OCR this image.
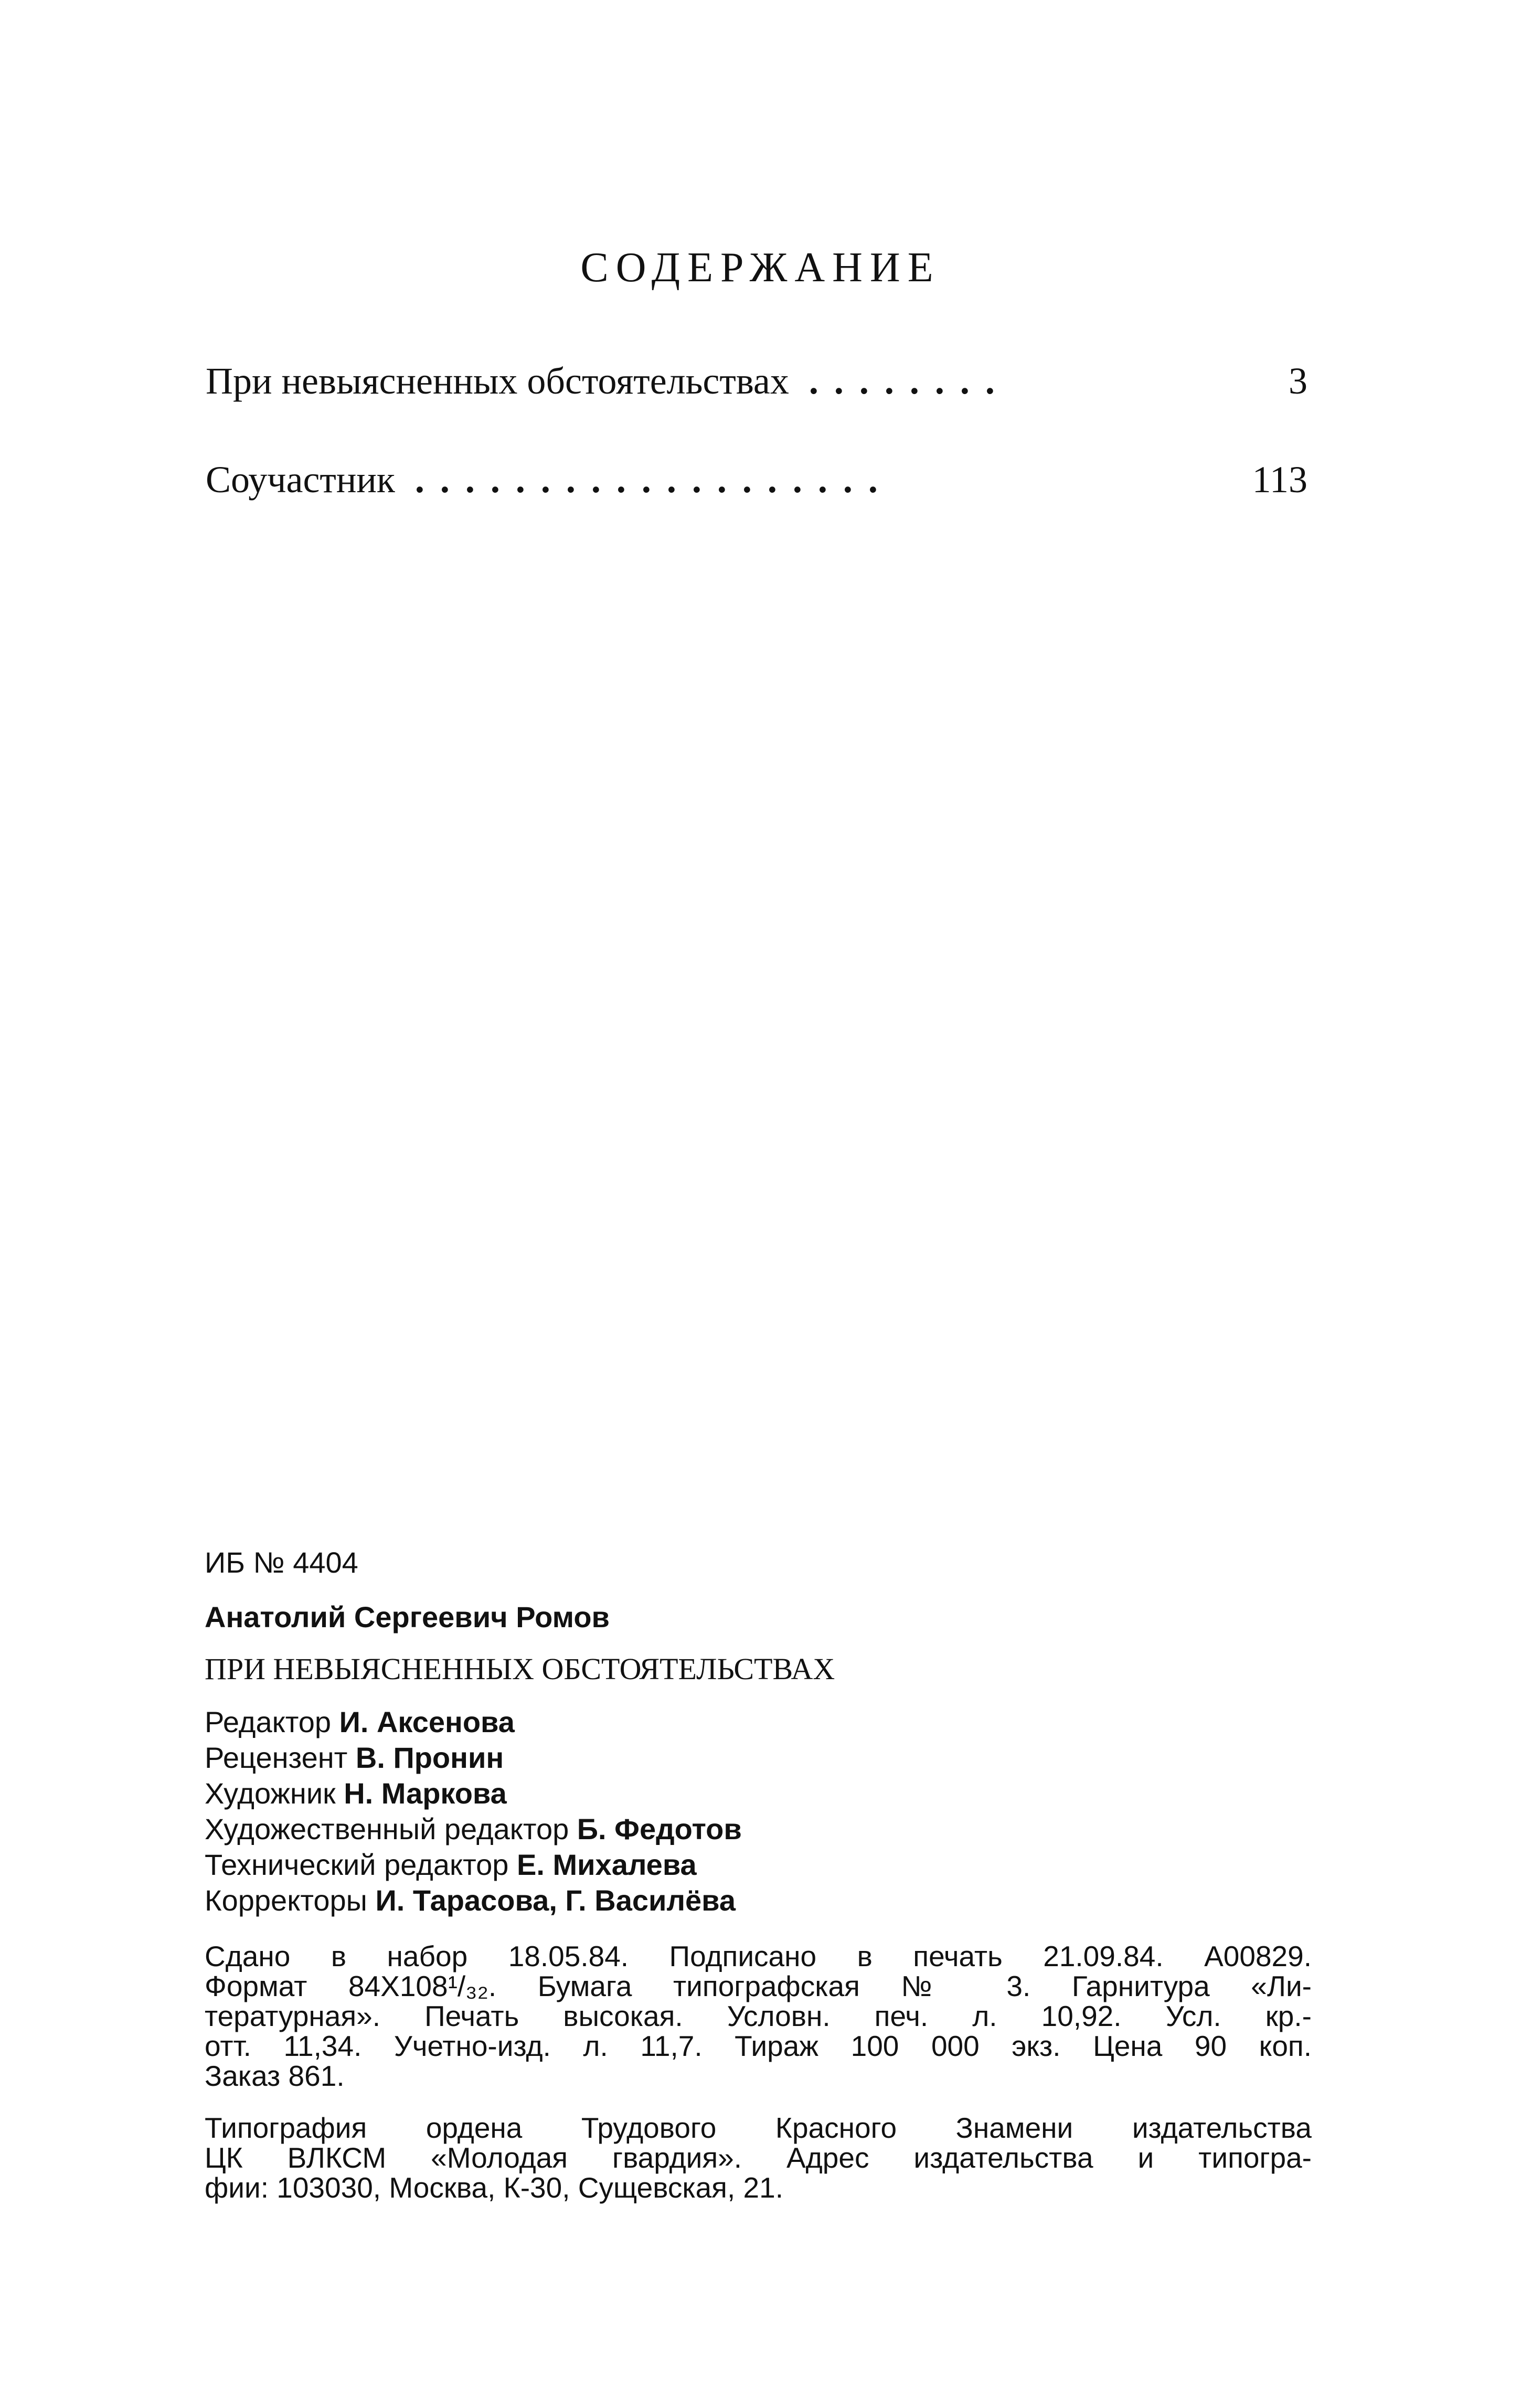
СОДЕРЖАНИЕ
При невыясненных обстоятельствах ........	3
Соучастник ...................	113
ИБ № 4404
Анатолий Сергеевич Ромов
ПРИ НЕВЫЯСНЕННЫХ ОБСТОЯТЕЛЬСТВАХ
Редактор И. Аксенова
Рецензент В. Пронин
Художник Н. Маркова
Художественный редактор Б. Федотов
Технический редактор Е. Михалева
Корректоры И. Тарасова, Г. Василёва
Сдано в набор 18.05.84. Подписано в печать 21.09.84. А00829.
Формат 84Х108¹/₃₂. Бумага типографская № 3. Гарнитура «Ли-
тературная». Печать высокая. Условн. печ. л. 10,92. Усл. кр.-
отт. 11,34. Учетно-изд. л. 11,7. Тираж 100 000 экз. Цена 90 коп.
Заказ 861.
Типография ордена Трудового Красного Знамени издательства
ЦК ВЛКСМ «Молодая гвардия». Адрес издательства и типогра-
фии: 103030, Москва, К-30, Сущевская, 21.
